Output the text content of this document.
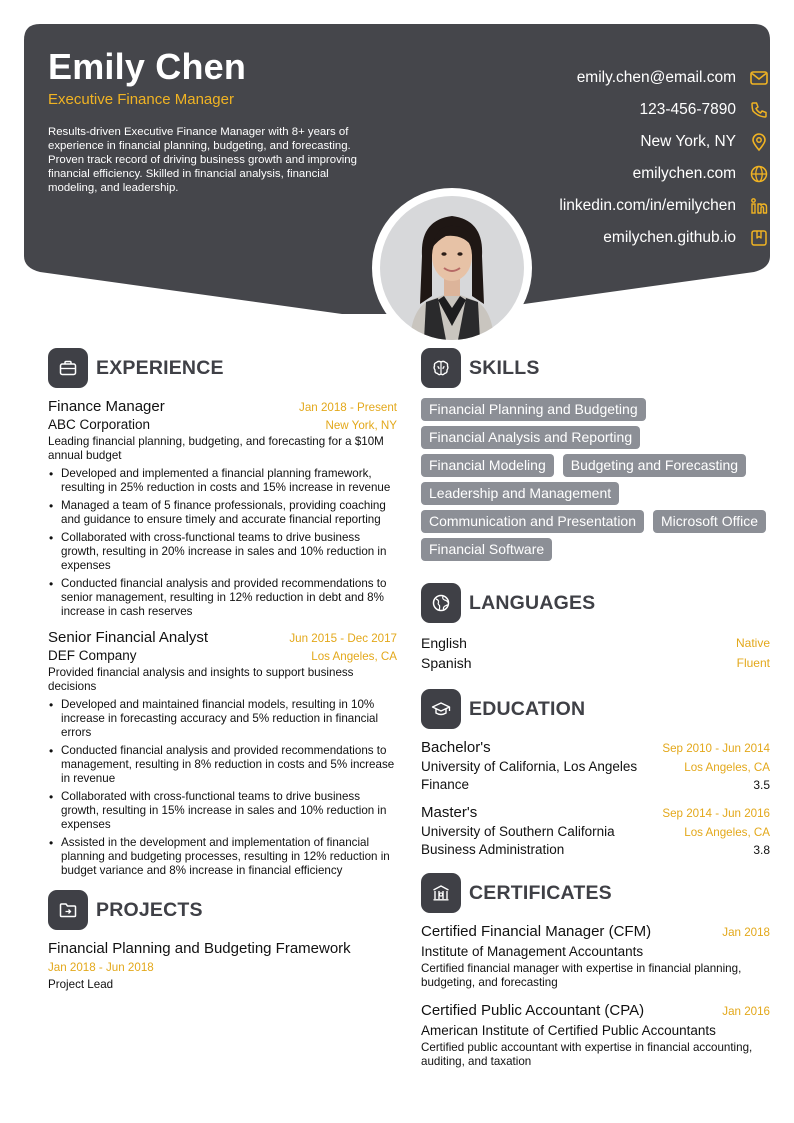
Emily Chen
Executive Finance Manager
Results-driven Executive Finance Manager with 8+ years of experience in financial planning, budgeting, and forecasting. Proven track record of driving business growth and improving financial efficiency. Skilled in financial analysis, financial modeling, and leadership.
emily.chen@email.com
123-456-7890
New York, NY
emilychen.com
linkedin.com/in/emilychen
emilychen.github.io
EXPERIENCE
Finance Manager	Jan 2018 - Present
ABC Corporation	New York, NY
Leading financial planning, budgeting, and forecasting for a $10M annual budget
• Developed and implemented a financial planning framework, resulting in 25% reduction in costs and 15% increase in revenue
• Managed a team of 5 finance professionals, providing coaching and guidance to ensure timely and accurate financial reporting
• Collaborated with cross-functional teams to drive business growth, resulting in 20% increase in sales and 10% reduction in expenses
• Conducted financial analysis and provided recommendations to senior management, resulting in 12% reduction in debt and 8% increase in cash reserves
Senior Financial Analyst	Jun 2015 - Dec 2017
DEF Company	Los Angeles, CA
Provided financial analysis and insights to support business decisions
• Developed and maintained financial models, resulting in 10% increase in forecasting accuracy and 5% reduction in financial errors
• Conducted financial analysis and provided recommendations to management, resulting in 8% reduction in costs and 5% increase in revenue
• Collaborated with cross-functional teams to drive business growth, resulting in 15% increase in sales and 10% reduction in expenses
• Assisted in the development and implementation of financial planning and budgeting processes, resulting in 12% reduction in budget variance and 8% increase in financial efficiency
PROJECTS
Financial Planning and Budgeting Framework
Jan 2018 - Jun 2018
Project Lead
SKILLS
Financial Planning and Budgeting
Financial Analysis and Reporting
Financial Modeling	Budgeting and Forecasting
Leadership and Management
Communication and Presentation	Microsoft Office
Financial Software
LANGUAGES
English	Native
Spanish	Fluent
EDUCATION
Bachelor's	Sep 2010 - Jun 2014
University of California, Los Angeles	Los Angeles, CA
Finance	3.5
Master's	Sep 2014 - Jun 2016
University of Southern California	Los Angeles, CA
Business Administration	3.8
CERTIFICATES
Certified Financial Manager (CFM)	Jan 2018
Institute of Management Accountants
Certified financial manager with expertise in financial planning, budgeting, and forecasting
Certified Public Accountant (CPA)	Jan 2016
American Institute of Certified Public Accountants
Certified public accountant with expertise in financial accounting, auditing, and taxation
